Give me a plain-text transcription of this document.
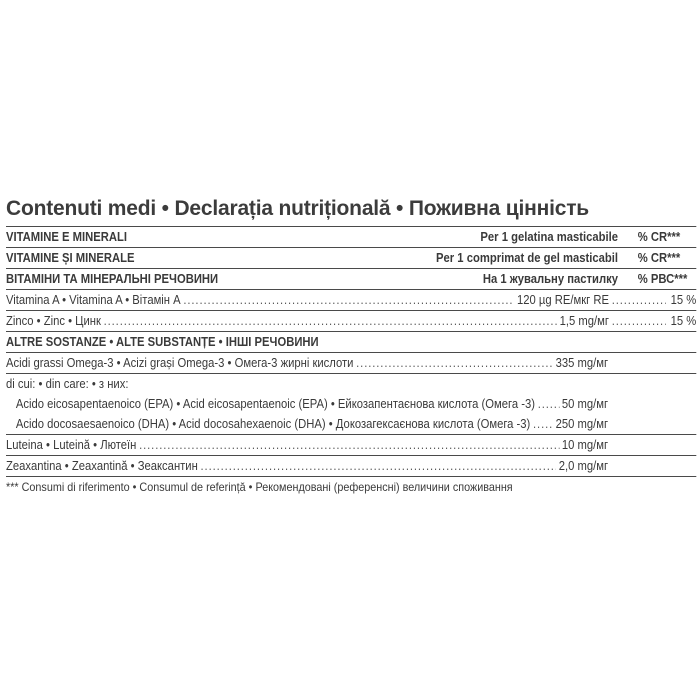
Contenuti medi • Declarația nutrițională • Поживна цінність
VITAMINE E MINERALI	Per 1 gelatina masticabile	% CR***
VITAMINE ȘI MINERALE	Per 1 comprimat de gel masticabil	% CR***
ВІТАМІНИ ТА МІНЕРАЛЬНІ РЕЧОВИНИ	На 1 жувальну пастилку	% РВС***
Vitamina A • Vitamina A • Вітамін А .....	120 µg RE/мкг RE .....	15 %
Zinco • Zinc • Цинк .....	1,5 mg/мг .....	15 %
ALTRE SOSTANZE • ALTE SUBSTANȚE • ІНШІ РЕЧОВИНИ
Acidi grassi Omega-3 • Acizi grași Omega-3 • Омега-3 жирні кислоти .....	335 mg/мг
di cui: • din care: • з них:
Acido eicosapentaenoico (EPA) • Acid eicosapentaenoic (EPA) • Ейкозапентаєнова кислота (Омега -3) ..... 50 mg/мг
Acido docosaesaenoico (DHA) • Acid docosahexaenoic (DHA) • Докозагексаєнова кислота (Омега -3) ..... 250 mg/мг
Luteina • Luteină • Лютеїн .....	10 mg/мг
Zeaxantina • Zeaxantină • Зеаксантин .....	2,0 mg/мг
*** Consumi di riferimento • Consumul de referință • Рекомендовані (референсні) величини споживання
